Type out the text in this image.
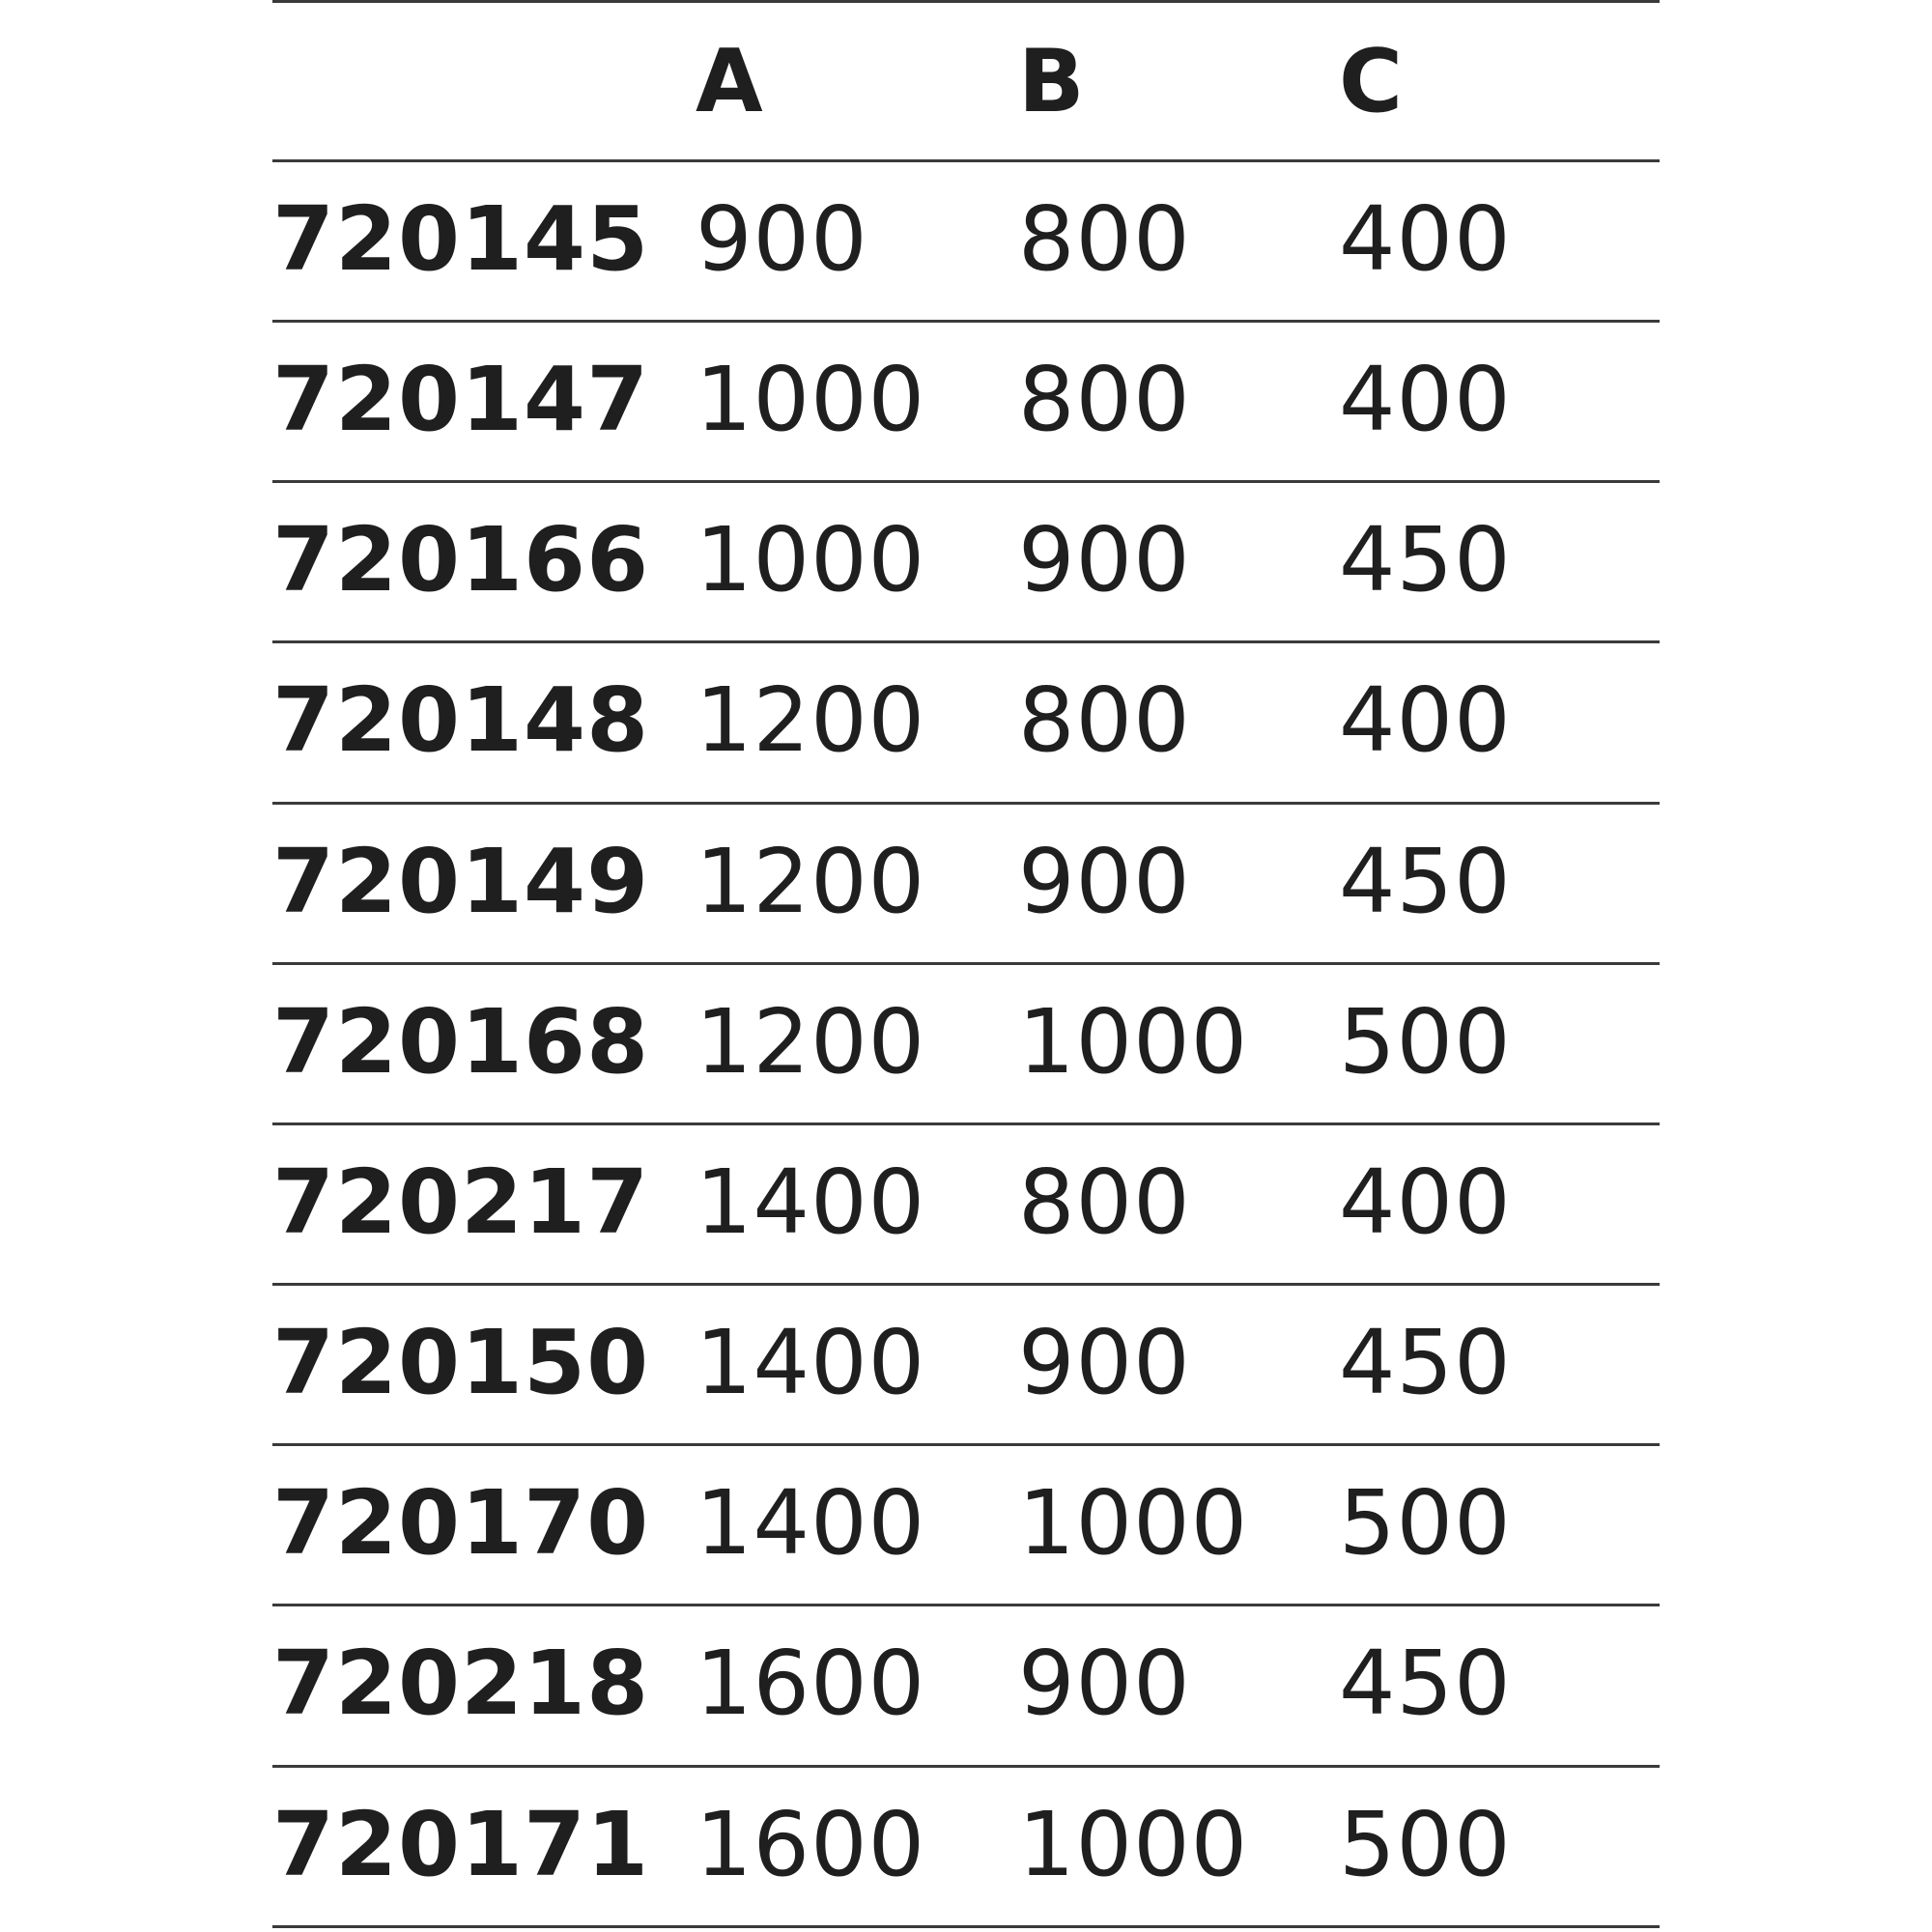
A	B	C
720145 900 800 400
720147 1000 800 400
720166 1000 900 450
720148 1200 800 400
720149 1200 900 450
720168 1200 1000 500
720217 1400 800 400
720150 1400 900 450
720170 1400 1000 500
720218 1600 900 450
720171 1600 1000 500
